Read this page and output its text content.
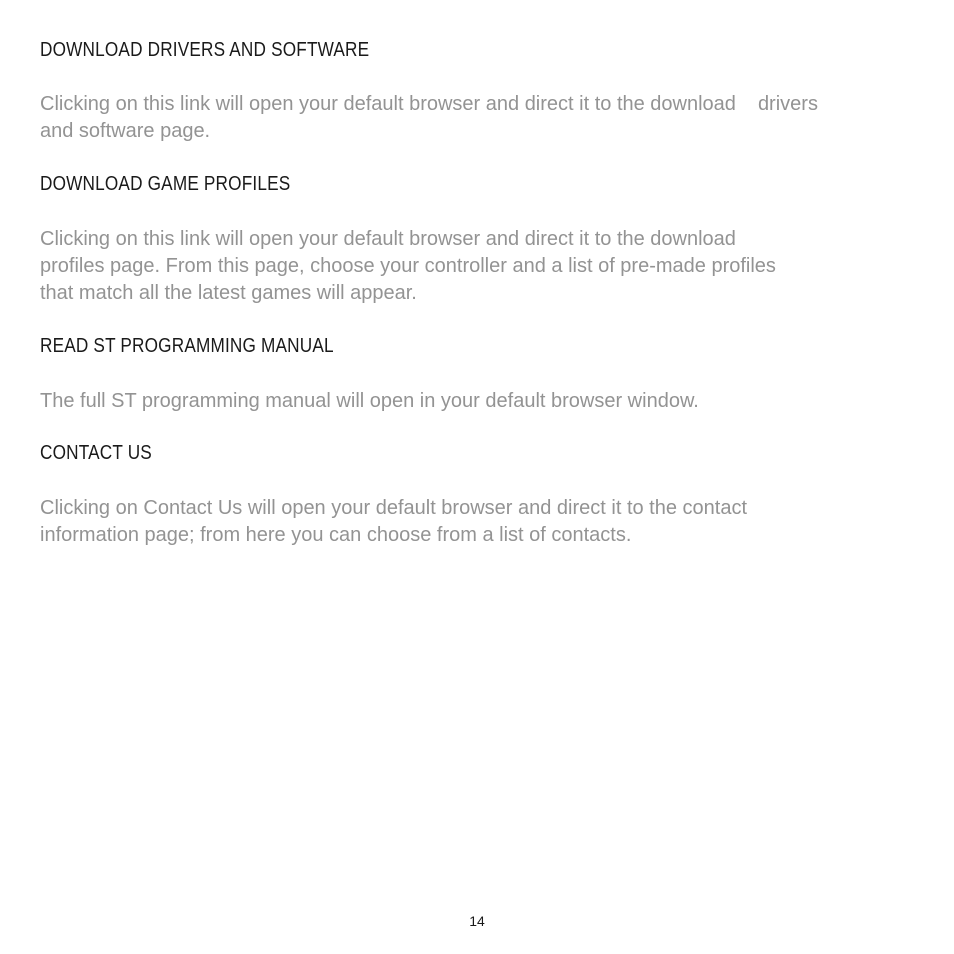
DOWNLOAD DRIVERS AND SOFTWARE

Clicking on this link will open your default browser and direct it to the download drivers
and software page.

DOWNLOAD GAME PROFILES

Clicking on this link will open your default browser and direct it to the download
profiles page. From this page, choose your controller and a list of pre-made profiles
that match all the latest games will appear.

READ ST PROGRAMMING MANUAL

The full ST programming manual will open in your default browser window.

CONTACT US

Clicking on Contact Us will open your default browser and direct it to the contact
information page; from here you can choose from a list of contacts.

14
